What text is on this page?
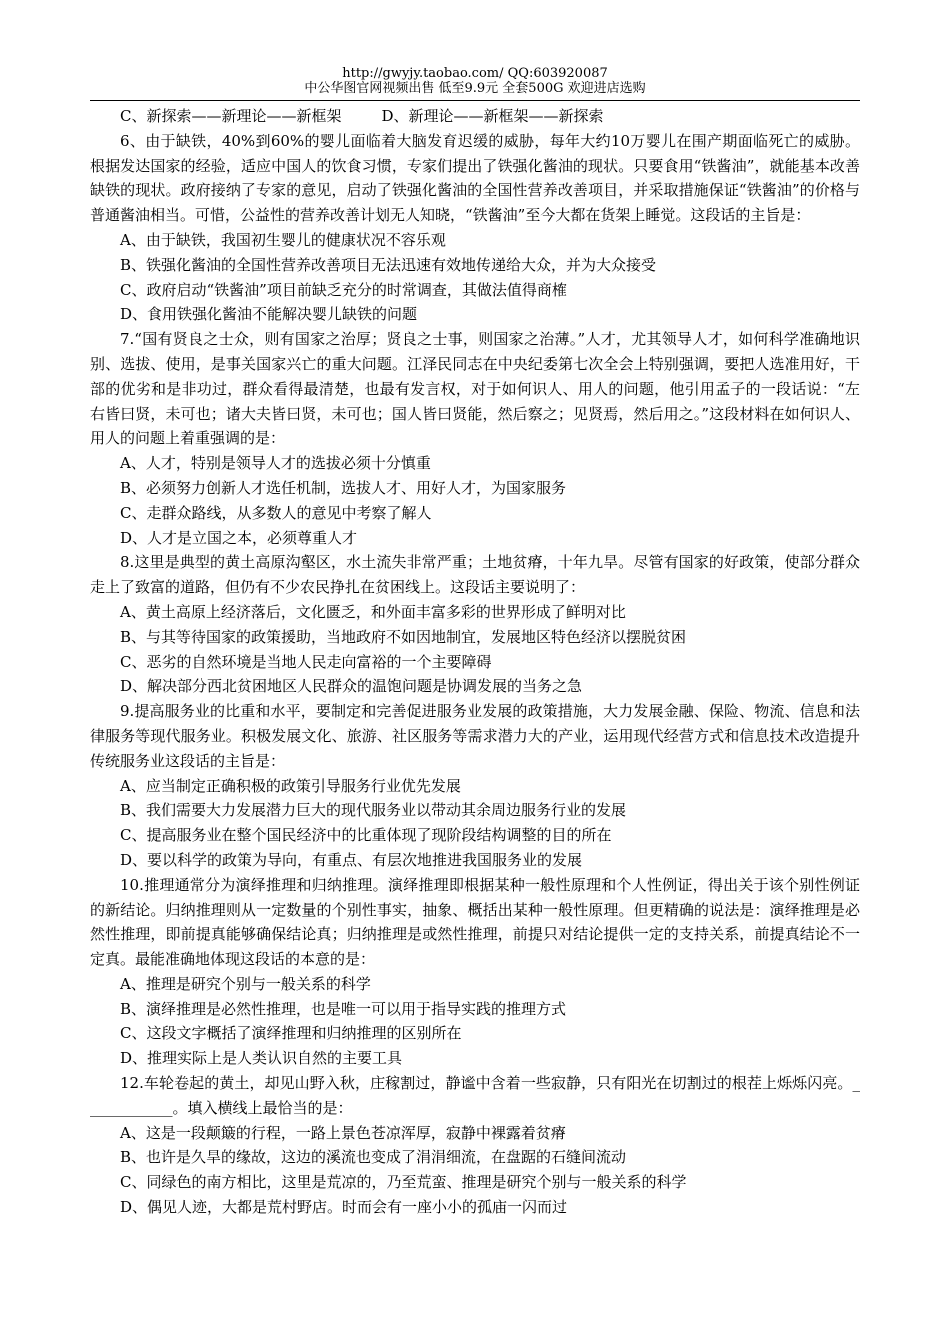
http://gwyjy.taobao.com/ QQ:603920087
中公华图官网视频出售 低至9.9元 全套500G 欢迎进店选购

C、新探索——新理论——新框架	D、新理论——新框架——新探索

6、由于缺铁，40%到60%的婴儿面临着大脑发育迟缓的威胁，每年大约10万婴儿在围产期面临死亡的威胁。根据发达国家的经验，适应中国人的饮食习惯，专家们提出了铁强化酱油的现状。只要食用“铁酱油”，就能基本改善缺铁的现状。政府接纳了专家的意见，启动了铁强化酱油的全国性营养改善项目，并采取措施保证“铁酱油”的价格与普通酱油相当。可惜，公益性的营养改善计划无人知晓，“铁酱油”至今大都在货架上睡觉。这段话的主旨是：

A、由于缺铁，我国初生婴儿的健康状况不容乐观

B、铁强化酱油的全国性营养改善项目无法迅速有效地传递给大众，并为大众接受

C、政府启动“铁酱油”项目前缺乏充分的时常调查，其做法值得商榷

D、食用铁强化酱油不能解决婴儿缺铁的问题

7.“国有贤良之士众，则有国家之治厚；贤良之士事，则国家之治薄。”人才，尤其领导人才，如何科学准确地识别、选拔、使用，是事关国家兴亡的重大问题。江泽民同志在中央纪委第七次全会上特别强调，要把人选准用好，干部的优劣和是非功过，群众看得最清楚，也最有发言权，对于如何识人、用人的问题，他引用孟子的一段话说：“左右皆曰贤，未可也；诸大夫皆曰贤，未可也；国人皆曰贤能，然后察之；见贤焉，然后用之。”这段材料在如何识人、用人的问题上着重强调的是：

A、人才，特别是领导人才的选拔必须十分慎重

B、必须努力创新人才选任机制，选拔人才、用好人才，为国家服务

C、走群众路线，从多数人的意见中考察了解人

D、人才是立国之本，必须尊重人才

8.这里是典型的黄土高原沟壑区，水土流失非常严重；土地贫瘠，十年九旱。尽管有国家的好政策，使部分群众走上了致富的道路，但仍有不少农民挣扎在贫困线上。这段话主要说明了：

A、黄土高原上经济落后，文化匮乏，和外面丰富多彩的世界形成了鲜明对比

B、与其等待国家的政策援助，当地政府不如因地制宜，发展地区特色经济以摆脱贫困

C、恶劣的自然环境是当地人民走向富裕的一个主要障碍

D、解决部分西北贫困地区人民群众的温饱问题是协调发展的当务之急

9.提高服务业的比重和水平，要制定和完善促进服务业发展的政策措施，大力发展金融、保险、物流、信息和法律服务等现代服务业。积极发展文化、旅游、社区服务等需求潜力大的产业，运用现代经营方式和信息技术改造提升传统服务业这段话的主旨是：

A、应当制定正确积极的政策引导服务行业优先发展

B、我们需要大力发展潜力巨大的现代服务业以带动其余周边服务行业的发展

C、提高服务业在整个国民经济中的比重体现了现阶段结构调整的目的所在

D、要以科学的政策为导向，有重点、有层次地推进我国服务业的发展

10.推理通常分为演绎推理和归纳推理。演绎推理即根据某种一般性原理和个人性例证，得出关于该个别性例证的新结论。归纳推理则从一定数量的个别性事实，抽象、概括出某种一般性原理。但更精确的说法是：演绎推理是必然性推理，即前提真能够确保结论真；归纳推理是或然性推理，前提只对结论提供一定的支持关系，前提真结论不一定真。最能准确地体现这段话的本意的是：

A、推理是研究个别与一般关系的科学

B、演绎推理是必然性推理，也是唯一可以用于指导实践的推理方式

C、这段文字概括了演绎推理和归纳推理的区别所在

D、推理实际上是人类认识自然的主要工具

12.车轮卷起的黄土，却见山野入秋，庄稼割过，静谧中含着一些寂静，只有阳光在切割过的根茬上烁烁闪亮。____________。填入横线上最恰当的是：

A、这是一段颠簸的行程，一路上景色苍凉浑厚，寂静中裸露着贫瘠

B、也许是久旱的缘故，这边的溪流也变成了涓涓细流，在盘踞的石缝间流动

C、同绿色的南方相比，这里是荒凉的，乃至荒蛮、推理是研究个别与一般关系的科学

D、偶见人迹，大都是荒村野店。时而会有一座小小的孤庙一闪而过
